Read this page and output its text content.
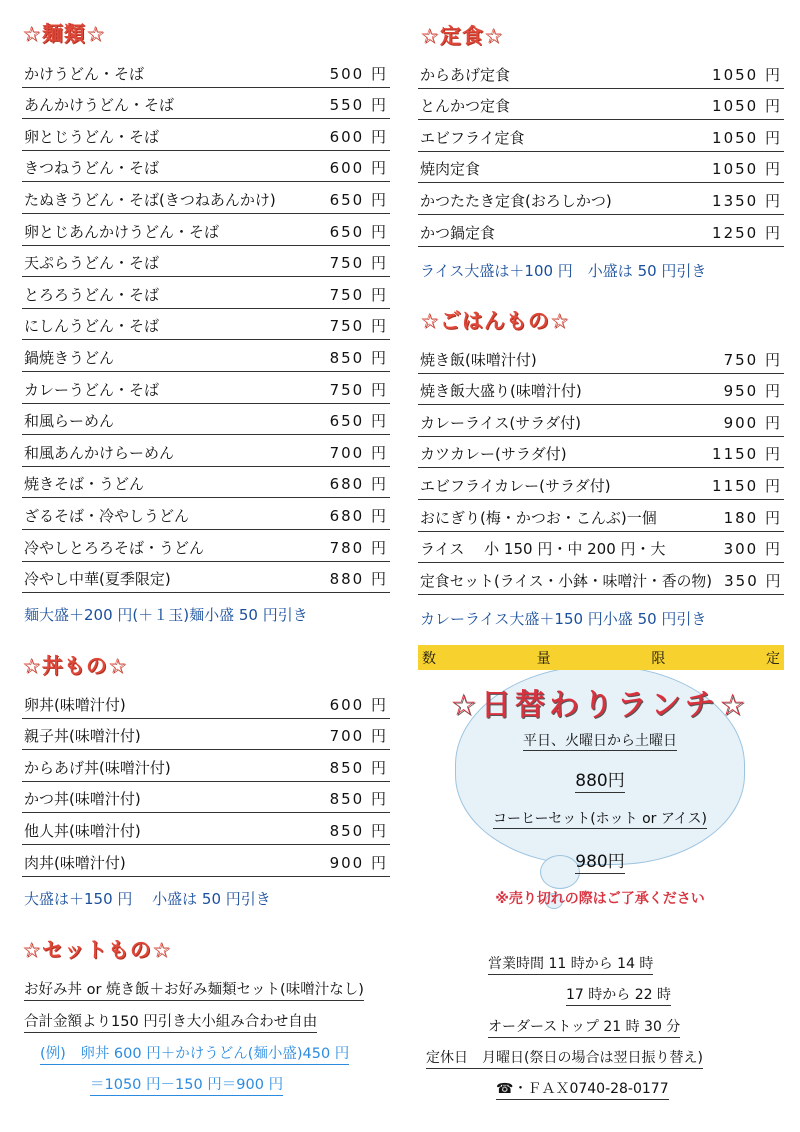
☆麺類☆
かけうどん・そば	500 円
あんかけうどん・そば	550 円
卵とじうどん・そば	600 円
きつねうどん・そば	600 円
たぬきうどん・そば(きつねあんかけ)	650 円
卵とじあんかけうどん・そば	650 円
天ぷらうどん・そば	750 円
とろろうどん・そば	750 円
にしんうどん・そば	750 円
鍋焼きうどん	850 円
カレーうどん・そば	750 円
和風らーめん	650 円
和風あんかけらーめん	700 円
焼きそば・うどん	680 円
ざるそば・冷やしうどん	680 円
冷やしとろろそば・うどん	780 円
冷やし中華(夏季限定)	880 円
麺大盛＋200 円(＋１玉)麺小盛 50 円引き
☆丼もの☆
卵丼(味噌汁付)	600 円
親子丼(味噌汁付)	700 円
からあげ丼(味噌汁付)	850 円
かつ丼(味噌汁付)	850 円
他人丼(味噌汁付)	850 円
肉丼(味噌汁付)	900 円
大盛は＋150 円　 小盛は 50 円引き
☆セットもの☆
お好み丼 or 焼き飯＋お好み麺類セット(味噌汁なし)
合計金額より150 円引き大小組み合わせ自由
(例)　卵丼 600 円＋かけうどん(麺小盛)450 円
＝1050 円－150 円＝900 円
☆定食☆
からあげ定食	1050 円
とんかつ定食	1050 円
エビフライ定食	1050 円
焼肉定食	1050 円
かつたたき定食(おろしかつ)	1350 円
かつ鍋定食	1250 円
ライス大盛は＋100 円　小盛は 50 円引き
☆ごはんもの☆
焼き飯(味噌汁付)	750 円
焼き飯大盛り(味噌汁付)	950 円
カレーライス(サラダ付)	900 円
カツカレー(サラダ付)	1150 円
エビフライカレー(サラダ付)	1150 円
おにぎり(梅・かつお・こんぶ)一個	180 円
ライス　 小 150 円・中 200 円・大	300 円
定食セット(ライス・小鉢・味噌汁・香の物) 350 円
カレーライス大盛＋150 円小盛 50 円引き
数	量	限	定
☆日替わりランチ☆
平日、火曜日から土曜日
880円
コーヒーセット(ホット or アイス)
980円
※売り切れの際はご了承ください
営業時間 11 時から 14 時
17 時から 22 時
オーダーストップ 21 時 30 分
定休日　月曜日(祭日の場合は翌日振り替え)
☎・ＦＡＸ0740-28-0177
